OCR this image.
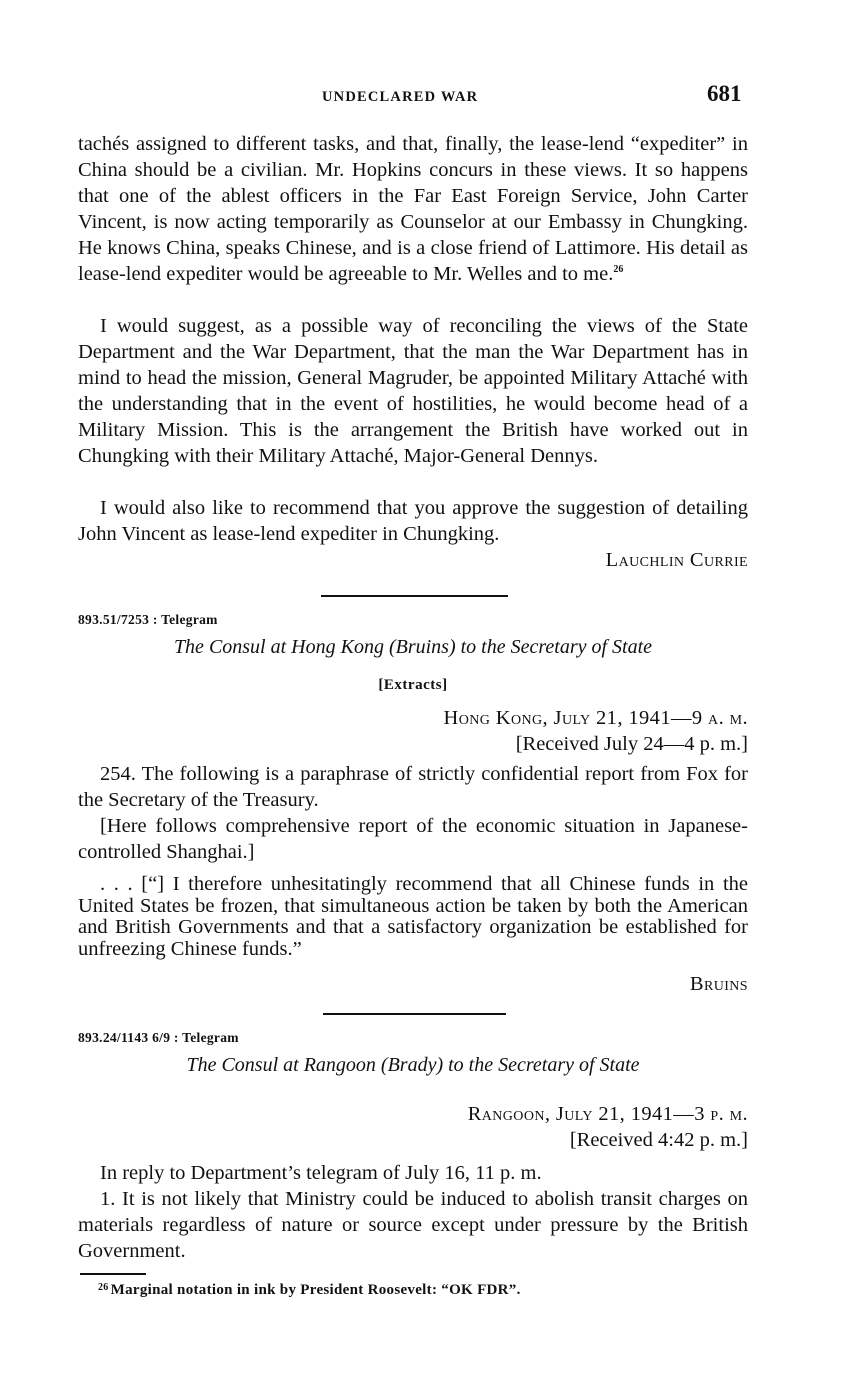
UNDECLARED WAR	681

tachés assigned to different tasks, and that, finally, the lease-lend “expediter” in China should be a civilian. Mr. Hopkins concurs in these views. It so happens that one of the ablest officers in the Far East Foreign Service, John Carter Vincent, is now acting temporarily as Counselor at our Embassy in Chungking. He knows China, speaks Chinese, and is a close friend of Lattimore. His detail as lease-lend expediter would be agreeable to Mr. Welles and to me.$^{26}$

I would suggest, as a possible way of reconciling the views of the State Department and the War Department, that the man the War Department has in mind to head the mission, General Magruder, be appointed Military Attaché with the understanding that in the event of hostilities, he would become head of a Military Mission. This is the arrangement the British have worked out in Chungking with their Military Attaché, Major-General Dennys.

I would also like to recommend that you approve the suggestion of detailing John Vincent as lease-lend expediter in Chungking.

Lauchlin Currie
893.51/7253 : Telegram

The Consul at Hong Kong (Bruins) to the Secretary of State

[Extracts]
Hong Kong, July 21, 1941—9 a. m.
[Received July 24—4 p. m.]

254. The following is a paraphrase of strictly confidential report from Fox for the Secretary of the Treasury.

[Here follows comprehensive report of the economic situation in Japanese-controlled Shanghai.]

. . . [“] I therefore unhesitatingly recommend that all Chinese funds in the United States be frozen, that simultaneous action be taken by both the American and British Governments and that a satisfactory organization be established for unfreezing Chinese funds.”

Bruins
893.24/1143 6/9 : Telegram

The Consul at Rangoon (Brady) to the Secretary of State

Rangoon, July 21, 1941—3 p. m.
[Received 4:42 p. m.]

In reply to Department’s telegram of July 16, 11 p. m.

1. It is not likely that Ministry could be induced to abolish transit charges on materials regardless of nature or source except under pressure by the British Government.

$^{26}$ Marginal notation in ink by President Roosevelt: “OK FDR”.
